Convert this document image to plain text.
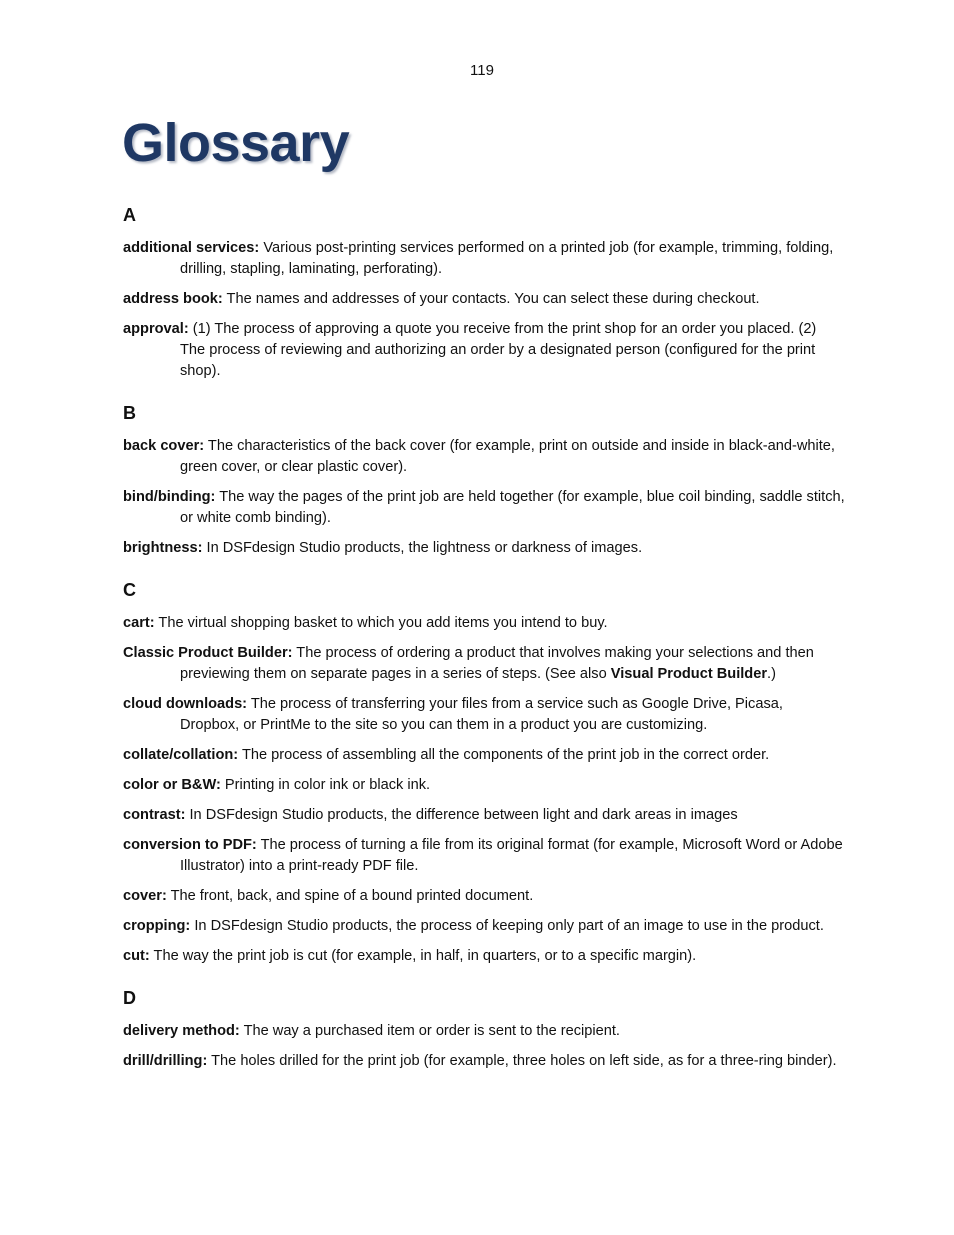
119
Glossary
A

additional services: Various post-printing services performed on a printed job (for example, trimming, folding, drilling, stapling, laminating, perforating).

address book: The names and addresses of your contacts. You can select these during checkout.

approval: (1) The process of approving a quote you receive from the print shop for an order you placed. (2) The process of reviewing and authorizing an order by a designated person (configured for the print shop).

B

back cover: The characteristics of the back cover (for example, print on outside and inside in black-and-white, green cover, or clear plastic cover).

bind/binding: The way the pages of the print job are held together (for example, blue coil binding, saddle stitch, or white comb binding).

brightness: In DSFdesign Studio products, the lightness or darkness of images.

C

cart: The virtual shopping basket to which you add items you intend to buy.

Classic Product Builder: The process of ordering a product that involves making your selections and then previewing them on separate pages in a series of steps. (See also Visual Product Builder.)

cloud downloads: The process of transferring your files from a service such as Google Drive, Picasa, Dropbox, or PrintMe to the site so you can them in a product you are customizing.

collate/collation: The process of assembling all the components of the print job in the correct order.

color or B&W: Printing in color ink or black ink.

contrast: In DSFdesign Studio products, the difference between light and dark areas in images

conversion to PDF: The process of turning a file from its original format (for example, Microsoft Word or Adobe Illustrator) into a print-ready PDF file.

cover: The front, back, and spine of a bound printed document.

cropping: In DSFdesign Studio products, the process of keeping only part of an image to use in the product.

cut: The way the print job is cut (for example, in half, in quarters, or to a specific margin).

D

delivery method: The way a purchased item or order is sent to the recipient.

drill/drilling: The holes drilled for the print job (for example, three holes on left side, as for a three-ring binder).
